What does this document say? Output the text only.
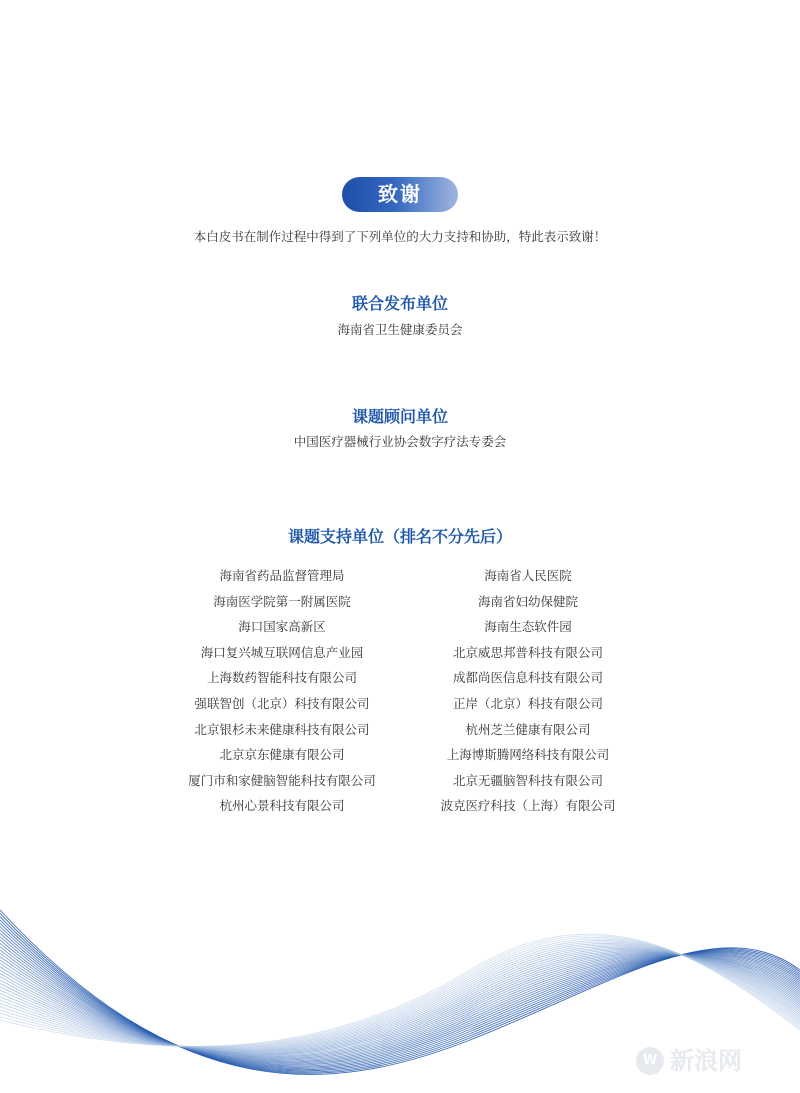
致谢
本白皮书在制作过程中得到了下列单位的大力支持和协助，特此表示致谢！
联合发布单位
海南省卫生健康委员会
课题顾问单位
中国医疗器械行业协会数字疗法专委会
课题支持单位（排名不分先后）
海南省药品监督管理局
海南医学院第一附属医院
海口国家高新区
海口复兴城互联网信息产业园
上海数药智能科技有限公司
强联智创（北京）科技有限公司
北京银杉未来健康科技有限公司
北京京东健康有限公司
厦门市和家健脑智能科技有限公司
杭州心景科技有限公司
海南省人民医院
海南省妇幼保健院
海南生态软件园
北京威思邦普科技有限公司
成都尚医信息科技有限公司
正岸（北京）科技有限公司
杭州芝兰健康有限公司
上海博斯腾网络科技有限公司
北京无疆脑智科技有限公司
波克医疗科技（上海）有限公司
W 新浪网
